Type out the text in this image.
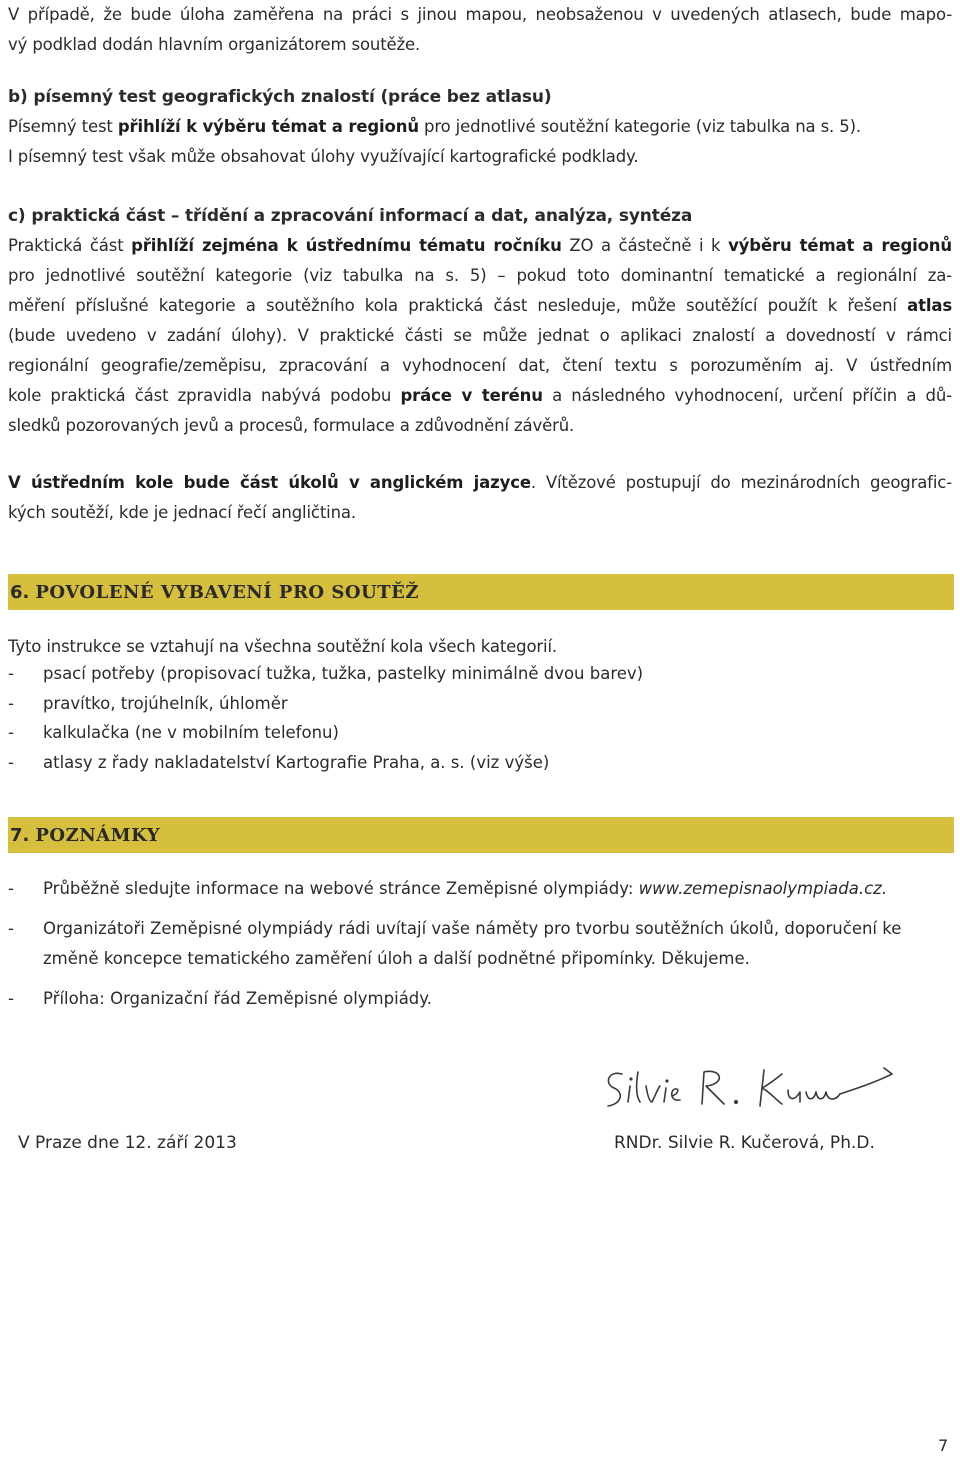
V případě, že bude úloha zaměřena na práci s jinou mapou, neobsaženou v uvedených atlasech, bude mapo-
vý podklad dodán hlavním organizátorem soutěže.
b) písemný test geografických znalostí (práce bez atlasu)
Písemný test přihlíží k výběru témat a regionů pro jednotlivé soutěžní kategorie (viz tabulka na s. 5).
I písemný test však může obsahovat úlohy využívající kartografické podklady.
c) praktická část – třídění a zpracování informací a dat, analýza, syntéza
Praktická část přihlíží zejména k ústřednímu tématu ročníku ZO a částečně i k výběru témat a regionů
pro jednotlivé soutěžní kategorie (viz tabulka na s. 5) – pokud toto dominantní tematické a regionální za-
měření příslušné kategorie a soutěžního kola praktická část nesleduje, může soutěžící použít k řešení atlas
(bude uvedeno v zadání úlohy). V praktické části se může jednat o aplikaci znalostí a dovedností v rámci
regionální geografie/zeměpisu, zpracování a vyhodnocení dat, čtení textu s porozuměním aj. V ústředním
kole praktická část zpravidla nabývá podobu práce v terénu a následného vyhodnocení, určení příčin a dů-
sledků pozorovaných jevů a procesů, formulace a zdůvodnění závěrů.
V ústředním kole bude část úkolů v anglickém jazyce. Vítězové postupují do mezinárodních geografic-
kých soutěží, kde je jednací řečí angličtina.
6. POVOLENÉ VYBAVENÍ PRO SOUTĚŽ
Tyto instrukce se vztahují na všechna soutěžní kola všech kategorií.
- psací potřeby (propisovací tužka, tužka, pastelky minimálně dvou barev)
- pravítko, trojúhelník, úhloměr
- kalkulačka (ne v mobilním telefonu)
- atlasy z řady nakladatelství Kartografie Praha, a. s. (viz výše)
7. POZNÁMKY
- Průběžně sledujte informace na webové stránce Zeměpisné olympiády: www.zemepisnaolympiada.cz.
- Organizátoři Zeměpisné olympiády rádi uvítají vaše náměty pro tvorbu soutěžních úkolů, doporučení ke
změně koncepce tematického zaměření úloh a další podnětné připomínky. Děkujeme.
- Příloha: Organizační řád Zeměpisné olympiády.
V Praze dne 12. září 2013	RNDr. Silvie R. Kučerová, Ph.D.
7
